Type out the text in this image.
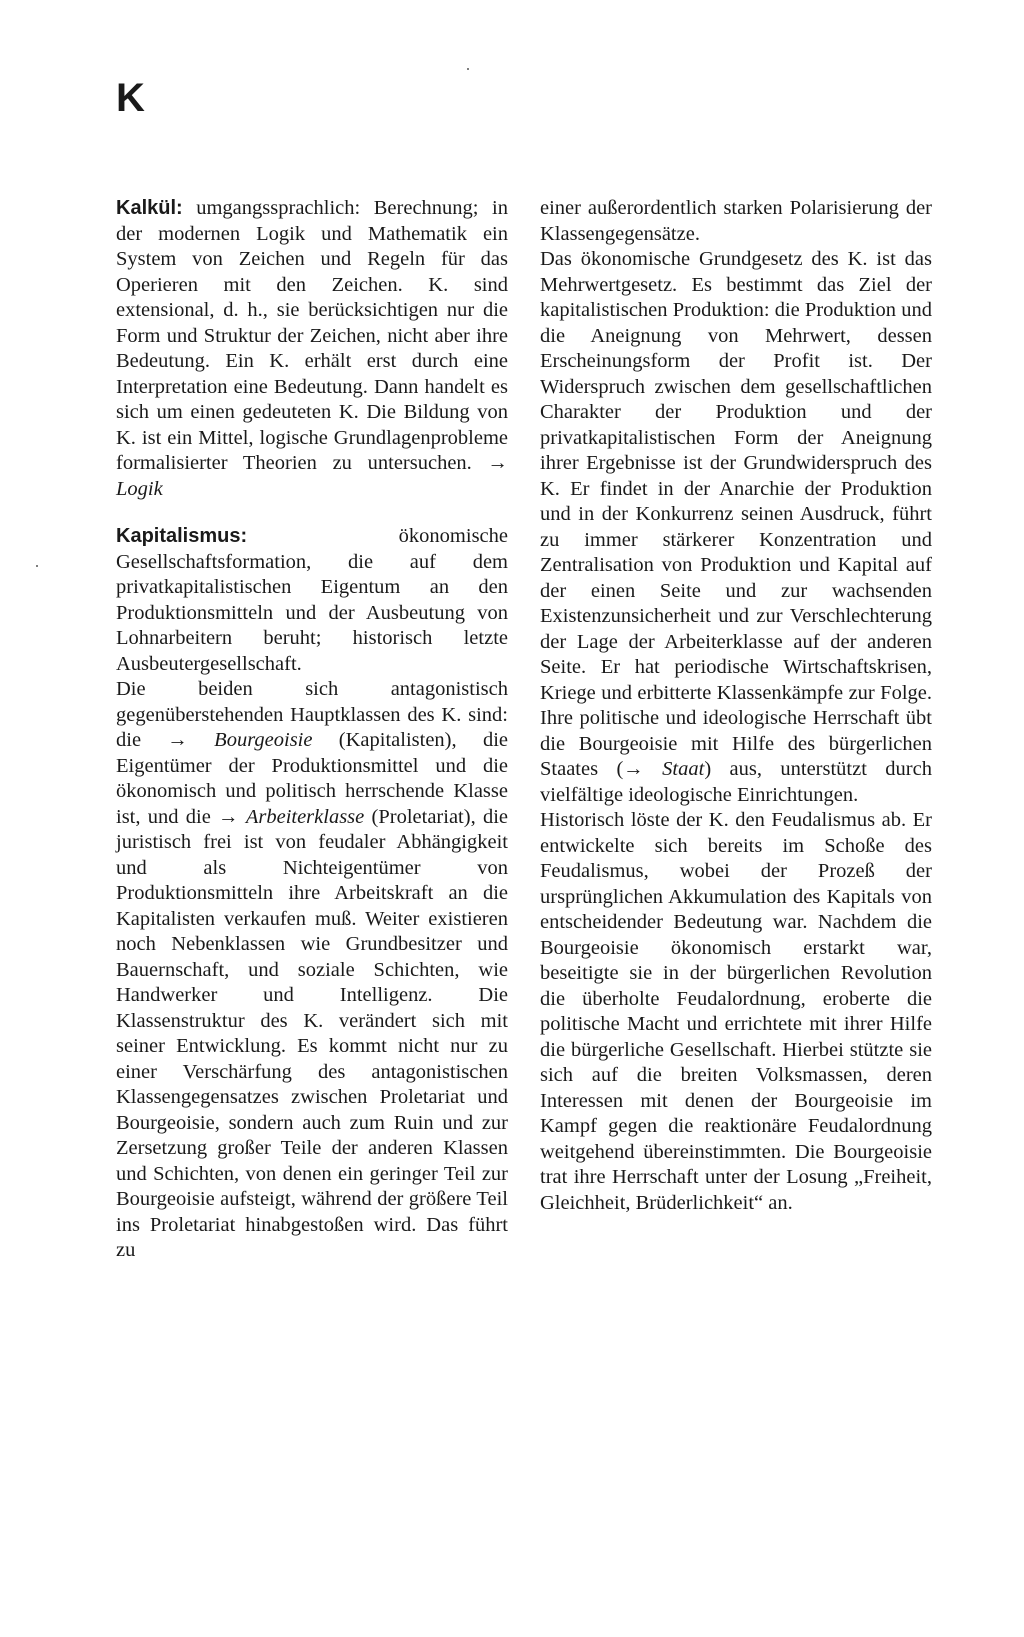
K

Kalkül: umgangssprachlich: Berechnung; in der modernen Logik und Mathematik ein System von Zeichen und Regeln für das Operieren mit den Zeichen. K. sind extensional, d. h., sie berücksichtigen nur die Form und Struktur der Zeichen, nicht aber ihre Bedeutung. Ein K. erhält erst durch eine Interpretation eine Bedeutung. Dann handelt es sich um einen gedeuteten K. Die Bildung von K. ist ein Mittel, logische Grundlagenprobleme formalisierter Theorien zu untersuchen. → Logik

Kapitalismus: ökonomische Gesellschaftsformation, die auf dem privatkapitalistischen Eigentum an den Produktionsmitteln und der Ausbeutung von Lohnarbeitern beruht; historisch letzte Ausbeutergesellschaft.

Die beiden sich antagonistisch gegenüberstehenden Hauptklassen des K. sind: die → Bourgeoisie (Kapitalisten), die Eigentümer der Produktionsmittel und die ökonomisch und politisch herrschende Klasse ist, und die → Arbeiterklasse (Proletariat), die juristisch frei ist von feudaler Abhängigkeit und als Nichteigentümer von Produktionsmitteln ihre Arbeitskraft an die Kapitalisten verkaufen muß. Weiter existieren noch Nebenklassen wie Grundbesitzer und Bauernschaft, und soziale Schichten, wie Handwerker und Intelligenz. Die Klassenstruktur des K. verändert sich mit seiner Entwicklung. Es kommt nicht nur zu einer Verschärfung des antagonistischen Klassengegensatzes zwischen Proletariat und Bourgeoisie, sondern auch zum Ruin und zur Zersetzung großer Teile der anderen Klassen und Schichten, von denen ein geringer Teil zur Bourgeoisie aufsteigt, während der größere Teil ins Proletariat hinabgestoßen wird. Das führt zu

einer außerordentlich starken Polarisierung der Klassengegensätze.

Das ökonomische Grundgesetz des K. ist das Mehrwertgesetz. Es bestimmt das Ziel der kapitalistischen Produktion: die Produktion und die Aneignung von Mehrwert, dessen Erscheinungsform der Profit ist. Der Widerspruch zwischen dem gesellschaftlichen Charakter der Produktion und der privatkapitalistischen Form der Aneignung ihrer Ergebnisse ist der Grundwiderspruch des K. Er findet in der Anarchie der Produktion und in der Konkurrenz seinen Ausdruck, führt zu immer stärkerer Konzentration und Zentralisation von Produktion und Kapital auf der einen Seite und zur wachsenden Existenzunsicherheit und zur Verschlechterung der Lage der Arbeiterklasse auf der anderen Seite. Er hat periodische Wirtschaftskrisen, Kriege und erbitterte Klassenkämpfe zur Folge. Ihre politische und ideologische Herrschaft übt die Bourgeoisie mit Hilfe des bürgerlichen Staates (→ Staat) aus, unterstützt durch vielfältige ideologische Einrichtungen.

Historisch löste der K. den Feudalismus ab. Er entwickelte sich bereits im Schoße des Feudalismus, wobei der Prozeß der ursprünglichen Akkumulation des Kapitals von entscheidender Bedeutung war. Nachdem die Bourgeoisie ökonomisch erstarkt war, beseitigte sie in der bürgerlichen Revolution die überholte Feudalordnung, eroberte die politische Macht und errichtete mit ihrer Hilfe die bürgerliche Gesellschaft. Hierbei stützte sie sich auf die breiten Volksmassen, deren Interessen mit denen der Bourgeoisie im Kampf gegen die reaktionäre Feudalordnung weitgehend übereinstimmten. Die Bourgeoisie trat ihre Herrschaft unter der Losung „Freiheit, Gleichheit, Brüderlichkeit“ an.
